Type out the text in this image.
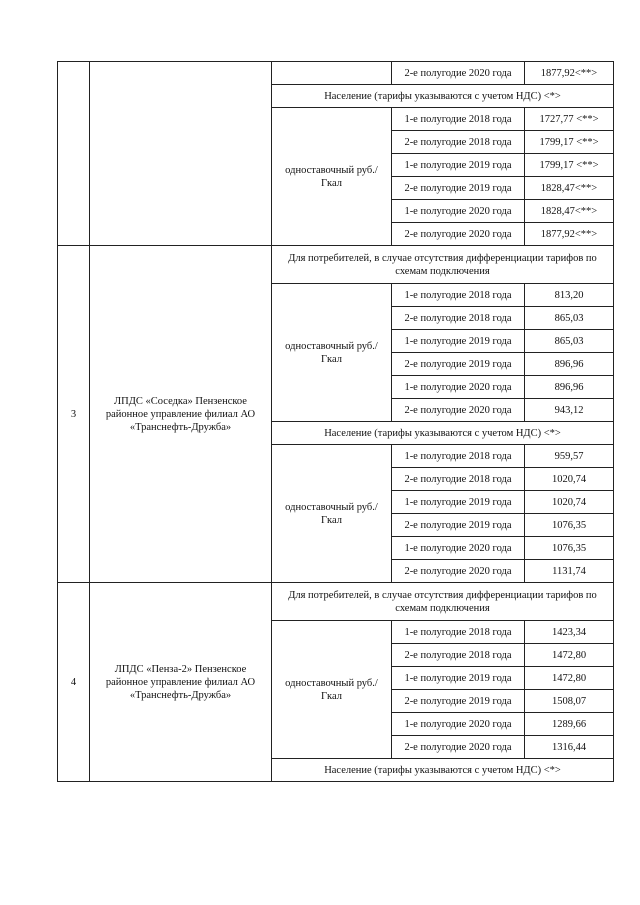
			2-е полугодие 2020 года	1877,92<**>
		Население (тарифы указываются с учетом НДС) <*>		
		одноставочный руб./Гкал	1-е полугодие 2018 года	1727,77 <**>
			2-е полугодие 2018 года	1799,17 <**>
			1-е полугодие 2019 года	1799,17 <**>
			2-е полугодие 2019 года	1828,47<**>
			1-е полугодие 2020 года	1828,47<**>
			2-е полугодие 2020 года	1877,92<**>
3	ЛПДС «Соседка» Пензенское районное управление филиал АО «Транснефть-Дружба»	Для потребителей, в случае отсутствия дифференциации тарифов по схемам подключения		
		одноставочный руб./Гкал	1-е полугодие 2018 года	813,20
			2-е полугодие 2018 года	865,03
			1-е полугодие 2019 года	865,03
			2-е полугодие 2019 года	896,96
			1-е полугодие 2020 года	896,96
			2-е полугодие 2020 года	943,12
		Население (тарифы указываются с учетом НДС) <*>		
		одноставочный руб./Гкал	1-е полугодие 2018 года	959,57
			2-е полугодие 2018 года	1020,74
			1-е полугодие 2019 года	1020,74
			2-е полугодие 2019 года	1076,35
			1-е полугодие 2020 года	1076,35
			2-е полугодие 2020 года	1131,74
4	ЛПДС «Пенза-2» Пензенское районное управление филиал АО «Транснефть-Дружба»	Для потребителей, в случае отсутствия дифференциации тарифов по схемам подключения		
		одноставочный руб./Гкал	1-е полугодие 2018 года	1423,34
			2-е полугодие 2018 года	1472,80
			1-е полугодие 2019 года	1472,80
			2-е полугодие 2019 года	1508,07
			1-е полугодие 2020 года	1289,66
			2-е полугодие 2020 года	1316,44
		Население (тарифы указываются с учетом НДС) <*>		
